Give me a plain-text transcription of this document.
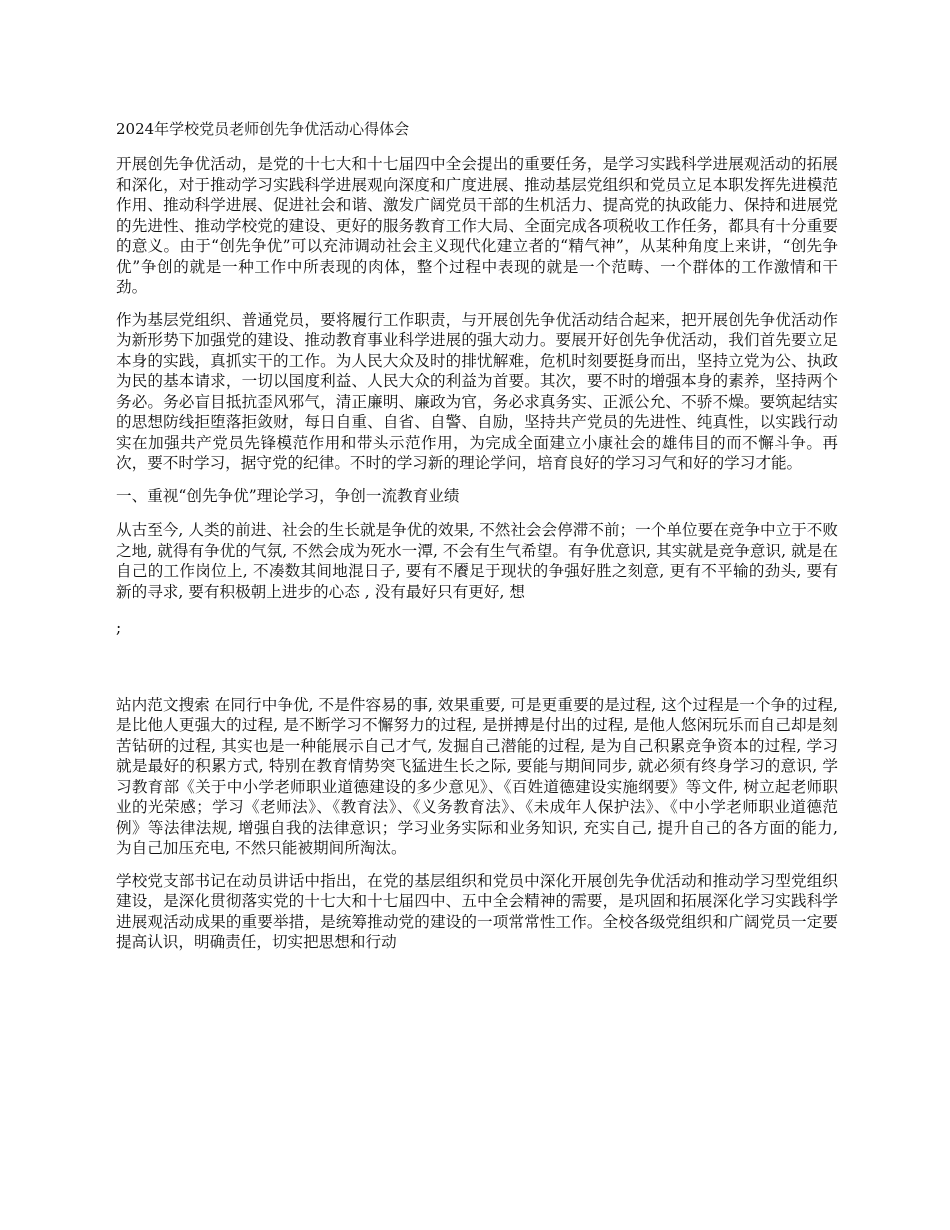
2024年学校党员老师创先争优活动心得体会

开展创先争优活动，是党的十七大和十七届四中全会提出的重要任务，是学习实践科学进展观活动的拓展和深化，对于推动学习实践科学进展观向深度和广度进展、推动基层党组织和党员立足本职发挥先进模范作用、推动科学进展、促进社会和谐、激发广阔党员干部的生机活力、提高党的执政能力、保持和进展党的先进性、推动学校党的建设、更好的服务教育工作大局、全面完成各项税收工作任务，都具有十分重要的意义。由于“创先争优”可以充沛调动社会主义现代化建立者的“精气神”，从某种角度上来讲，“创先争优”争创的就是一种工作中所表现的肉体，整个过程中表现的就是一个范畴、一个群体的工作激情和干劲。

作为基层党组织、普通党员，要将履行工作职责，与开展创先争优活动结合起来，把开展创先争优活动作为新形势下加强党的建设、推动教育事业科学进展的强大动力。要展开好创先争优活动，我们首先要立足本身的实践，真抓实干的工作。为人民大众及时的排忧解难，危机时刻要挺身而出，坚持立党为公、执政为民的基本请求，一切以国度利益、人民大众的利益为首要。其次，要不时的增强本身的素养，坚持两个务必。务必盲目抵抗歪风邪气，清正廉明、廉政为官，务必求真务实、正派公允、不骄不燥。要筑起结实的思想防线拒堕落拒敛财，每日自重、自省、自警、自励，坚持共产党员的先进性、纯真性，以实践行动实在加强共产党员先锋模范作用和带头示范作用，为完成全面建立小康社会的雄伟目的而不懈斗争。再次，要不时学习，据守党的纪律。不时的学习新的理论学问，培育良好的学习习气和好的学习才能。

一、重视“创先争优”理论学习，争创一流教育业绩

从古至今, 人类的前进、社会的生长就是争优的效果, 不然社会会停滞不前；一个单位要在竞争中立于不败之地, 就得有争优的气氛, 不然会成为死水一潭, 不会有生气希望。有争优意识, 其实就是竞争意识, 就是在自己的工作岗位上, 不凑数其间地混日子, 要有不餍足于现状的争强好胜之刻意, 更有不平输的劲头, 要有新的寻求, 要有积极朝上进步的心态 , 没有最好只有更好, 想

;

站内范文搜索 在同行中争优, 不是件容易的事, 效果重要, 可是更重要的是过程, 这个过程是一个争的过程, 是比他人更强大的过程, 是不断学习不懈努力的过程, 是拼搏是付出的过程, 是他人悠闲玩乐而自己却是刻苦钻研的过程, 其实也是一种能展示自己才气, 发掘自己潜能的过程, 是为自己积累竞争资本的过程, 学习就是最好的积累方式, 特别在教育情势突飞猛进生长之际, 要能与期间同步, 就必须有终身学习的意识, 学习教育部《关于中小学老师职业道德建设的多少意见》、《百姓道德建设实施纲要》等文件, 树立起老师职业的光荣感；学习《老师法》、《教育法》、《义务教育法》、《未成年人保护法》、《中小学老师职业道德范例》等法律法规, 增强自我的法律意识；学习业务实际和业务知识, 充实自己, 提升自己的各方面的能力, 为自己加压充电, 不然只能被期间所淘汰。

学校党支部书记在动员讲话中指出，在党的基层组织和党员中深化开展创先争优活动和推动学习型党组织建设，是深化贯彻落实党的十七大和十七届四中、五中全会精神的需要，是巩固和拓展深化学习实践科学进展观活动成果的重要举措，是统筹推动党的建设的一项常常性工作。全校各级党组织和广阔党员一定要提高认识，明确责任，切实把思想和行动
